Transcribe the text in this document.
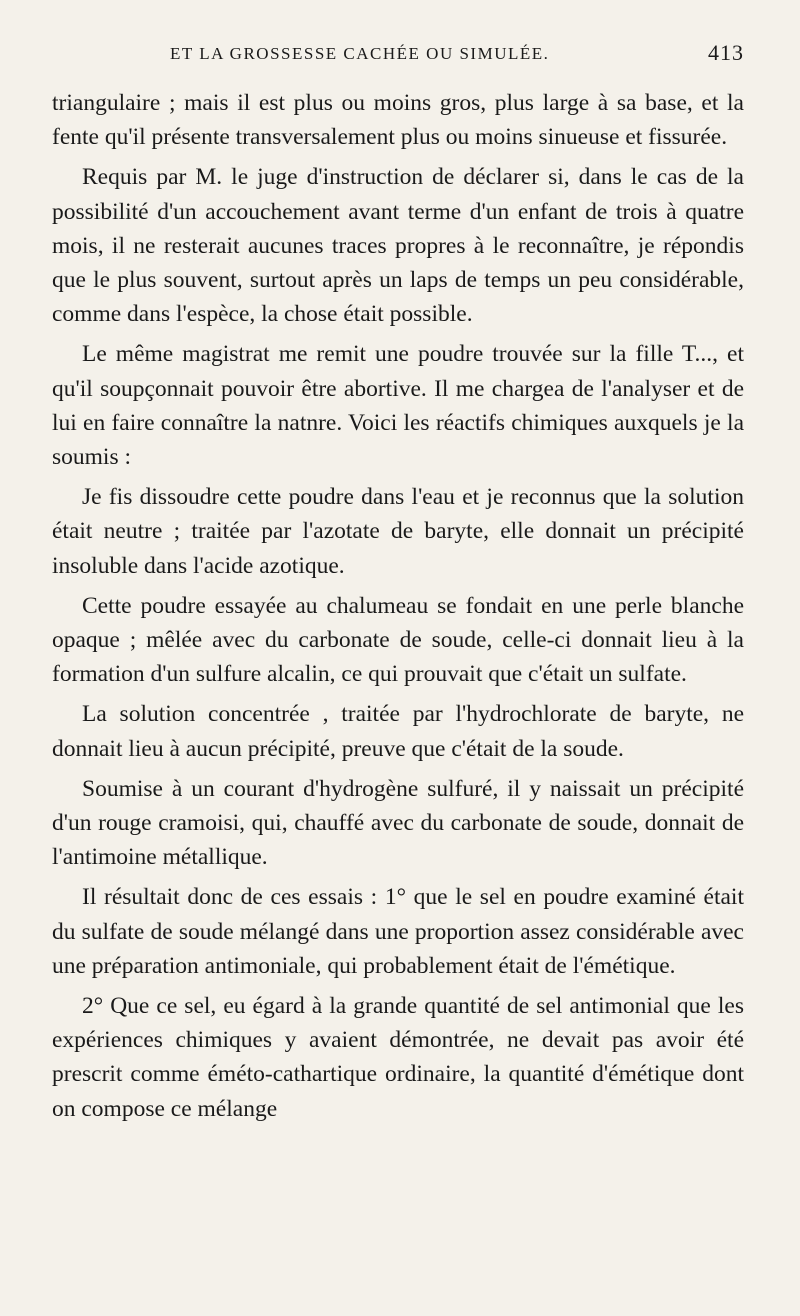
ET LA GROSSESSE CACHÉE OU SIMULÉE.	413

triangulaire ; mais il est plus ou moins gros, plus large à sa base, et la fente qu'il présente transversalement plus ou moins sinueuse et fissurée.

Requis par M. le juge d'instruction de déclarer si, dans le cas de la possibilité d'un accouchement avant terme d'un enfant de trois à quatre mois, il ne resterait aucunes traces propres à le reconnaître, je répondis que le plus souvent, surtout après un laps de temps un peu considérable, comme dans l'espèce, la chose était possible.

Le même magistrat me remit une poudre trouvée sur la fille T..., et qu'il soupçonnait pouvoir être abortive. Il me chargea de l'analyser et de lui en faire connaître la natnre. Voici les réactifs chimiques auxquels je la soumis :

Je fis dissoudre cette poudre dans l'eau et je reconnus que la solution était neutre ; traitée par l'azotate de baryte, elle donnait un précipité insoluble dans l'acide azotique.

Cette poudre essayée au chalumeau se fondait en une perle blanche opaque ; mêlée avec du carbonate de soude, celle-ci donnait lieu à la formation d'un sulfure alcalin, ce qui prouvait que c'était un sulfate.

La solution concentrée , traitée par l'hydrochlorate de baryte, ne donnait lieu à aucun précipité, preuve que c'était de la soude.

Soumise à un courant d'hydrogène sulfuré, il y naissait un précipité d'un rouge cramoisi, qui, chauffé avec du carbonate de soude, donnait de l'antimoine métallique.

Il résultait donc de ces essais : 1° que le sel en poudre examiné était du sulfate de soude mélangé dans une proportion assez considérable avec une préparation antimoniale, qui probablement était de l'émétique.

2° Que ce sel, eu égard à la grande quantité de sel antimonial que les expériences chimiques y avaient démontrée, ne devait pas avoir été prescrit comme éméto-cathartique ordinaire, la quantité d'émétique dont on compose ce mélange
